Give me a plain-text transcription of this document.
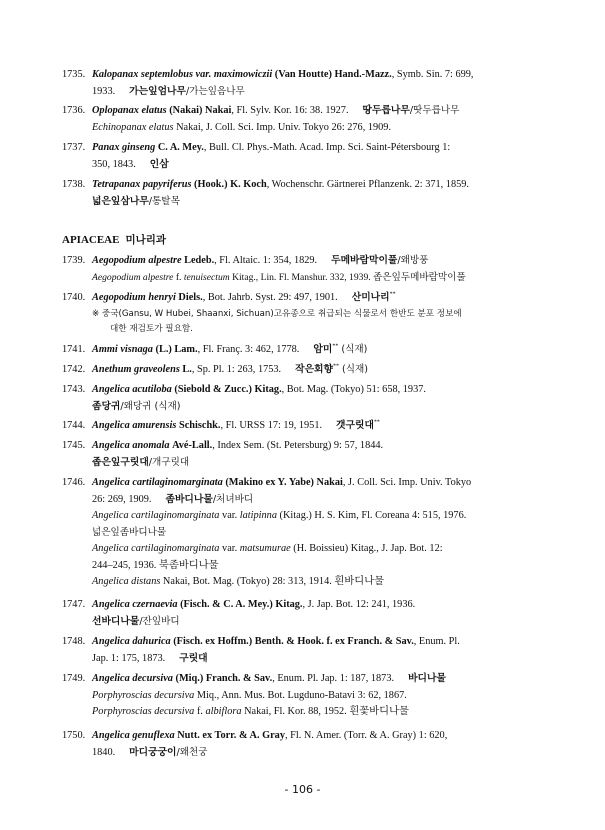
1735. Kalopanax septemlobus var. maximowiczii (Van Houtte) Hand.-Mazz., Symb. Sin. 7: 699,
1933. 가는잎엄나무/가는잎음나무
1736. Oplopanax elatus (Nakai) Nakai, Fl. Sylv. Kor. 16: 38. 1927. 땅두릅나무/땃두릅나무
Echinopanax elatus Nakai, J. Coll. Sci. Imp. Univ. Tokyo 26: 276, 1909.
1737. Panax ginseng C. A. Mey., Bull. Cl. Phys.-Math. Acad. Imp. Sci. Saint-Pétersbourg 1:
350, 1843. 인삼
1738. Tetrapanax papyriferus (Hook.) K. Koch, Wochenschr. Gärtnerei Pflanzenk. 2: 371, 1859.
넓은잎삼나무/통탈목
APIACEAE 미나리과
1739. Aegopodium alpestre Ledeb., Fl. Altaic. 1: 354, 1829. 두메바람막이풀/왜방풍
Aegopodium alpestre f. tenuisectum Kitag., Lin. Fl. Manshur. 332, 1939. 좁은잎두메바람막이풀
1740. Aegopodium henryi Diels., Bot. Jahrb. Syst. 29: 497, 1901. 산미나리**
※ 중국(Gansu, W Hubei, Shaanxi, Sichuan)고유종으로 취급되는 식물로서 한반도 분포 정보에
대한 재검토가 필요함.
1741. Ammi visnaga (L.) Lam., Fl. Franç. 3: 462, 1778. 암미** (식재)
1742. Anethum graveolens L., Sp. Pl. 1: 263, 1753. 작은회향** (식재)
1743. Angelica acutiloba (Siebold & Zucc.) Kitag., Bot. Mag. (Tokyo) 51: 658, 1937.
좀당귀/왜당귀 (식재)
1744. Angelica amurensis Schischk., Fl. URSS 17: 19, 1951. 갯구릿대**
1745. Angelica anomala Avé-Lall., Index Sem. (St. Petersburg) 9: 57, 1844.
좁은잎구릿대/개구릿대
1746. Angelica cartilaginomarginata (Makino ex Y. Yabe) Nakai, J. Coll. Sci. Imp. Univ. Tokyo
26: 269, 1909. 좀바디나물/처녀바디
Angelica cartilaginomarginata var. latipinna (Kitag.) H. S. Kim, Fl. Coreana 4: 515, 1976.
넓은잎좀바디나물
Angelica cartilaginomarginata var. matsumurae (H. Boissieu) Kitag., J. Jap. Bot. 12:
244‒245, 1936. 북좀바디나물
Angelica distans Nakai, Bot. Mag. (Tokyo) 28: 313, 1914. 흰바디나물
1747. Angelica czernaevia (Fisch. & C. A. Mey.) Kitag., J. Jap. Bot. 12: 241, 1936.
선바디나물/잔잎바디
1748. Angelica dahurica (Fisch. ex Hoffm.) Benth. & Hook. f. ex Franch. & Sav., Enum. Pl.
Jap. 1: 175, 1873. 구릿대
1749. Angelica decursiva (Miq.) Franch. & Sav., Enum. Pl. Jap. 1: 187, 1873. 바디나물
Porphyroscias decursiva Miq., Ann. Mus. Bot. Lugduno-Batavi 3: 62, 1867.
Porphyroscias decursiva f. albiflora Nakai, Fl. Kor. 88, 1952. 흰꽃바디나물
1750. Angelica genuflexa Nutt. ex Torr. & A. Gray, Fl. N. Amer. (Torr. & A. Gray) 1: 620,
1840. 마디궁궁이/왜천궁
- 106 -
